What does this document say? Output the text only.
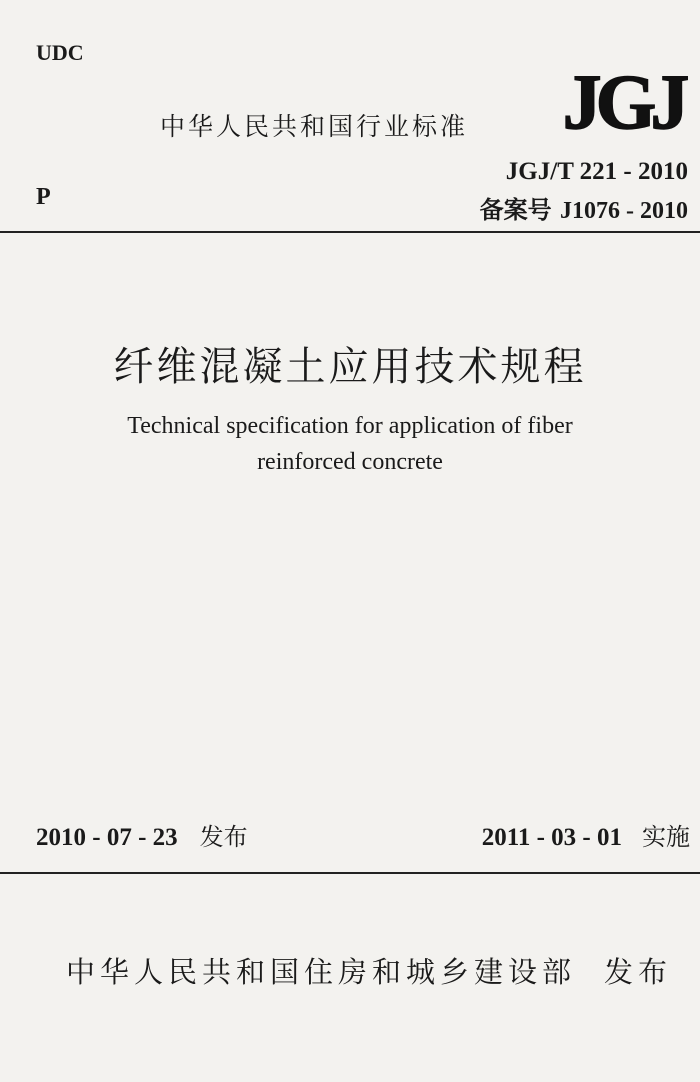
UDC
中华人民共和国行业标准 JGJ
JGJ/T 221 - 2010
备案号 J1076 - 2010
P
纤维混凝土应用技术规程
Technical specification for application of fiber
reinforced concrete
2010 - 07 - 23 发布	2011 - 03 - 01 实施
中华人民共和国住房和城乡建设部 发布
